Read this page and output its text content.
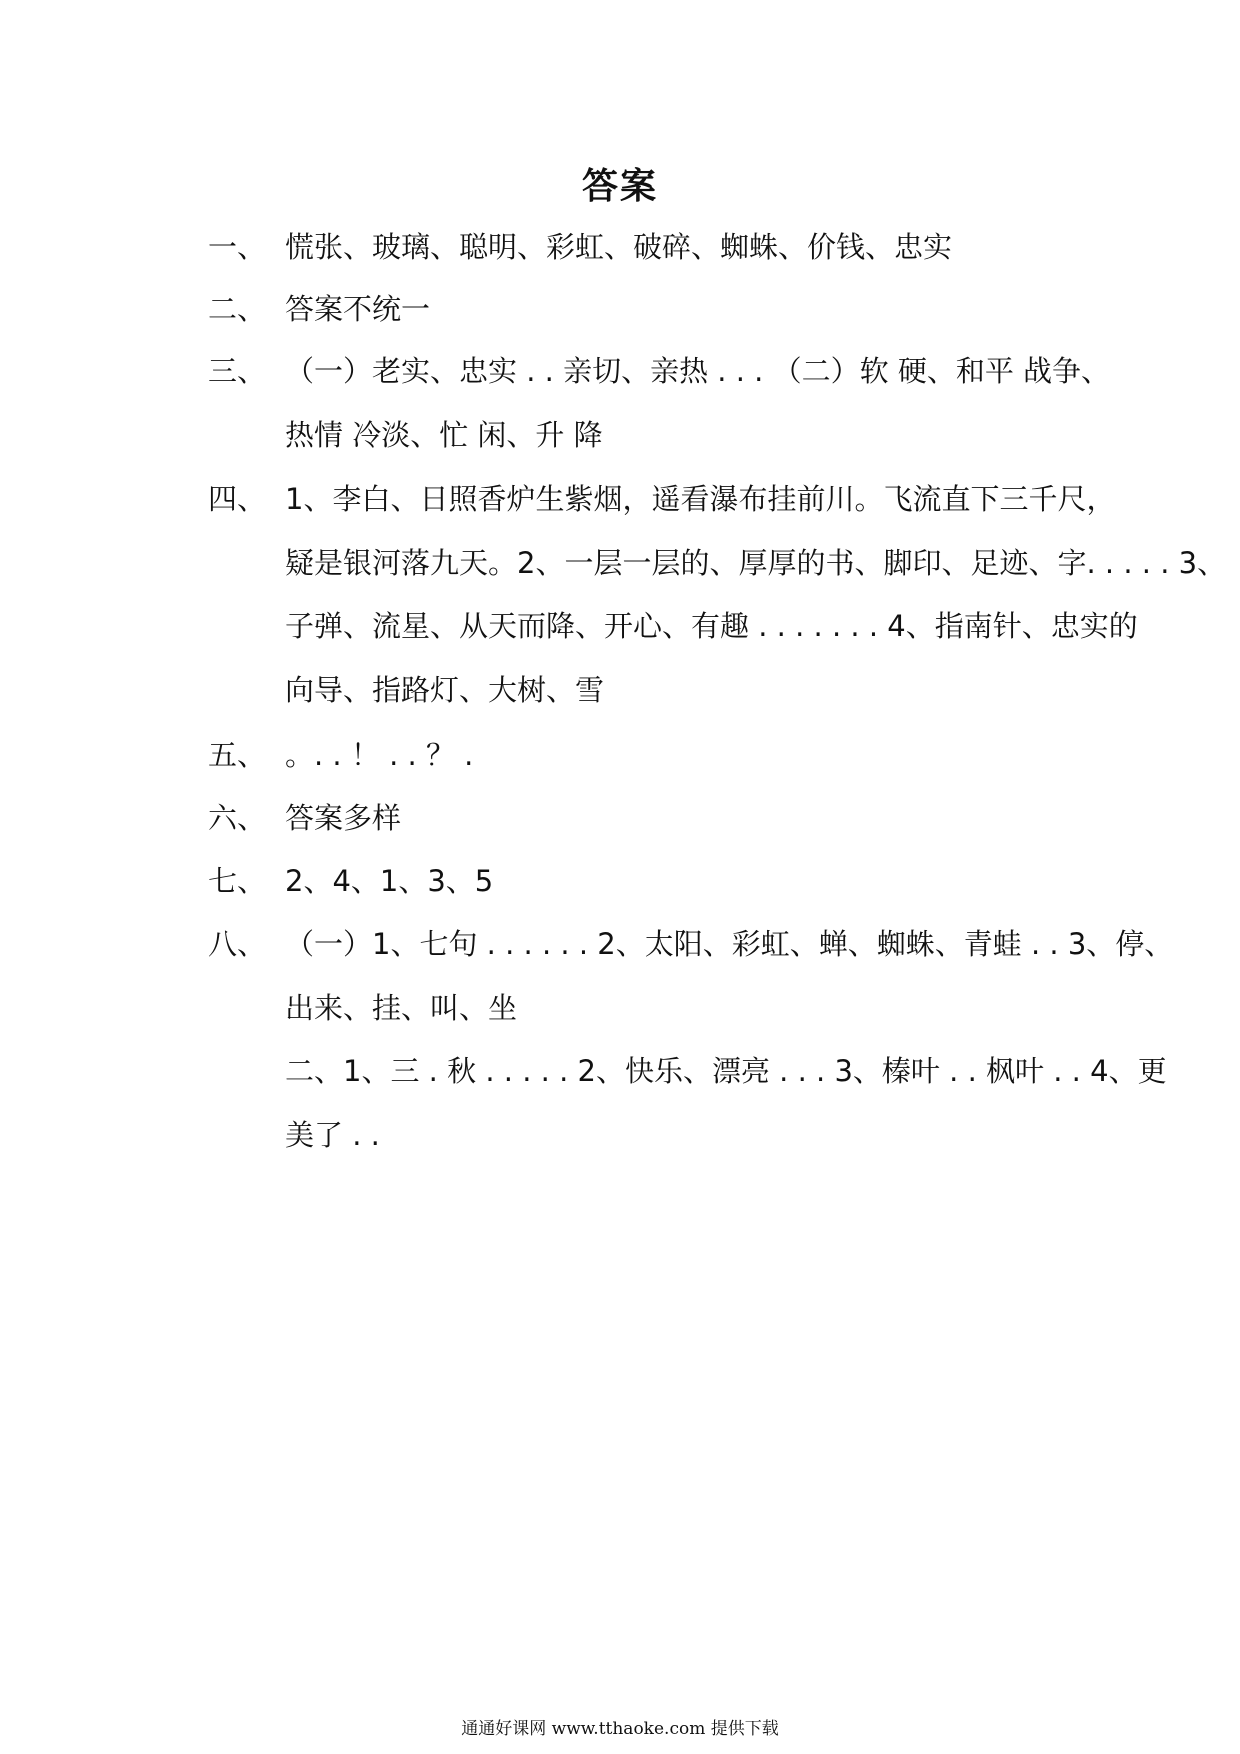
答案
一、 慌张、玻璃、聪明、彩虹、破碎、蜘蛛、价钱、忠实
二、 答案不统一
三、 （一）老实、忠实 . . 亲切、亲热 . . . （二）软 硬、和平 战争、
热情 冷淡、忙 闲、升 降
四、 1、李白、日照香炉生紫烟，遥看瀑布挂前川。飞流直下三千尺，
疑是银河落九天。2、一层一层的、厚厚的书、脚印、足迹、字. . . . . 3、
子弹、流星、从天而降、开心、有趣 . . . . . . . 4、指南针、忠实的
向导、指路灯、大树、雪
五、 。. . ！ . . ？ .
六、 答案多样
七、 2、4、1、3、5
八、 （一）1、七句 . . . . . . 2、太阳、彩虹、蝉、蜘蛛、青蛙 . . 3、停、
出来、挂、叫、坐
二、1、三 . 秋 . . . . . 2、快乐、漂亮 . . . 3、榛叶 . . 枫叶 . . 4、更
美了 . .
通通好课网 www.tthaoke.com 提供下载
